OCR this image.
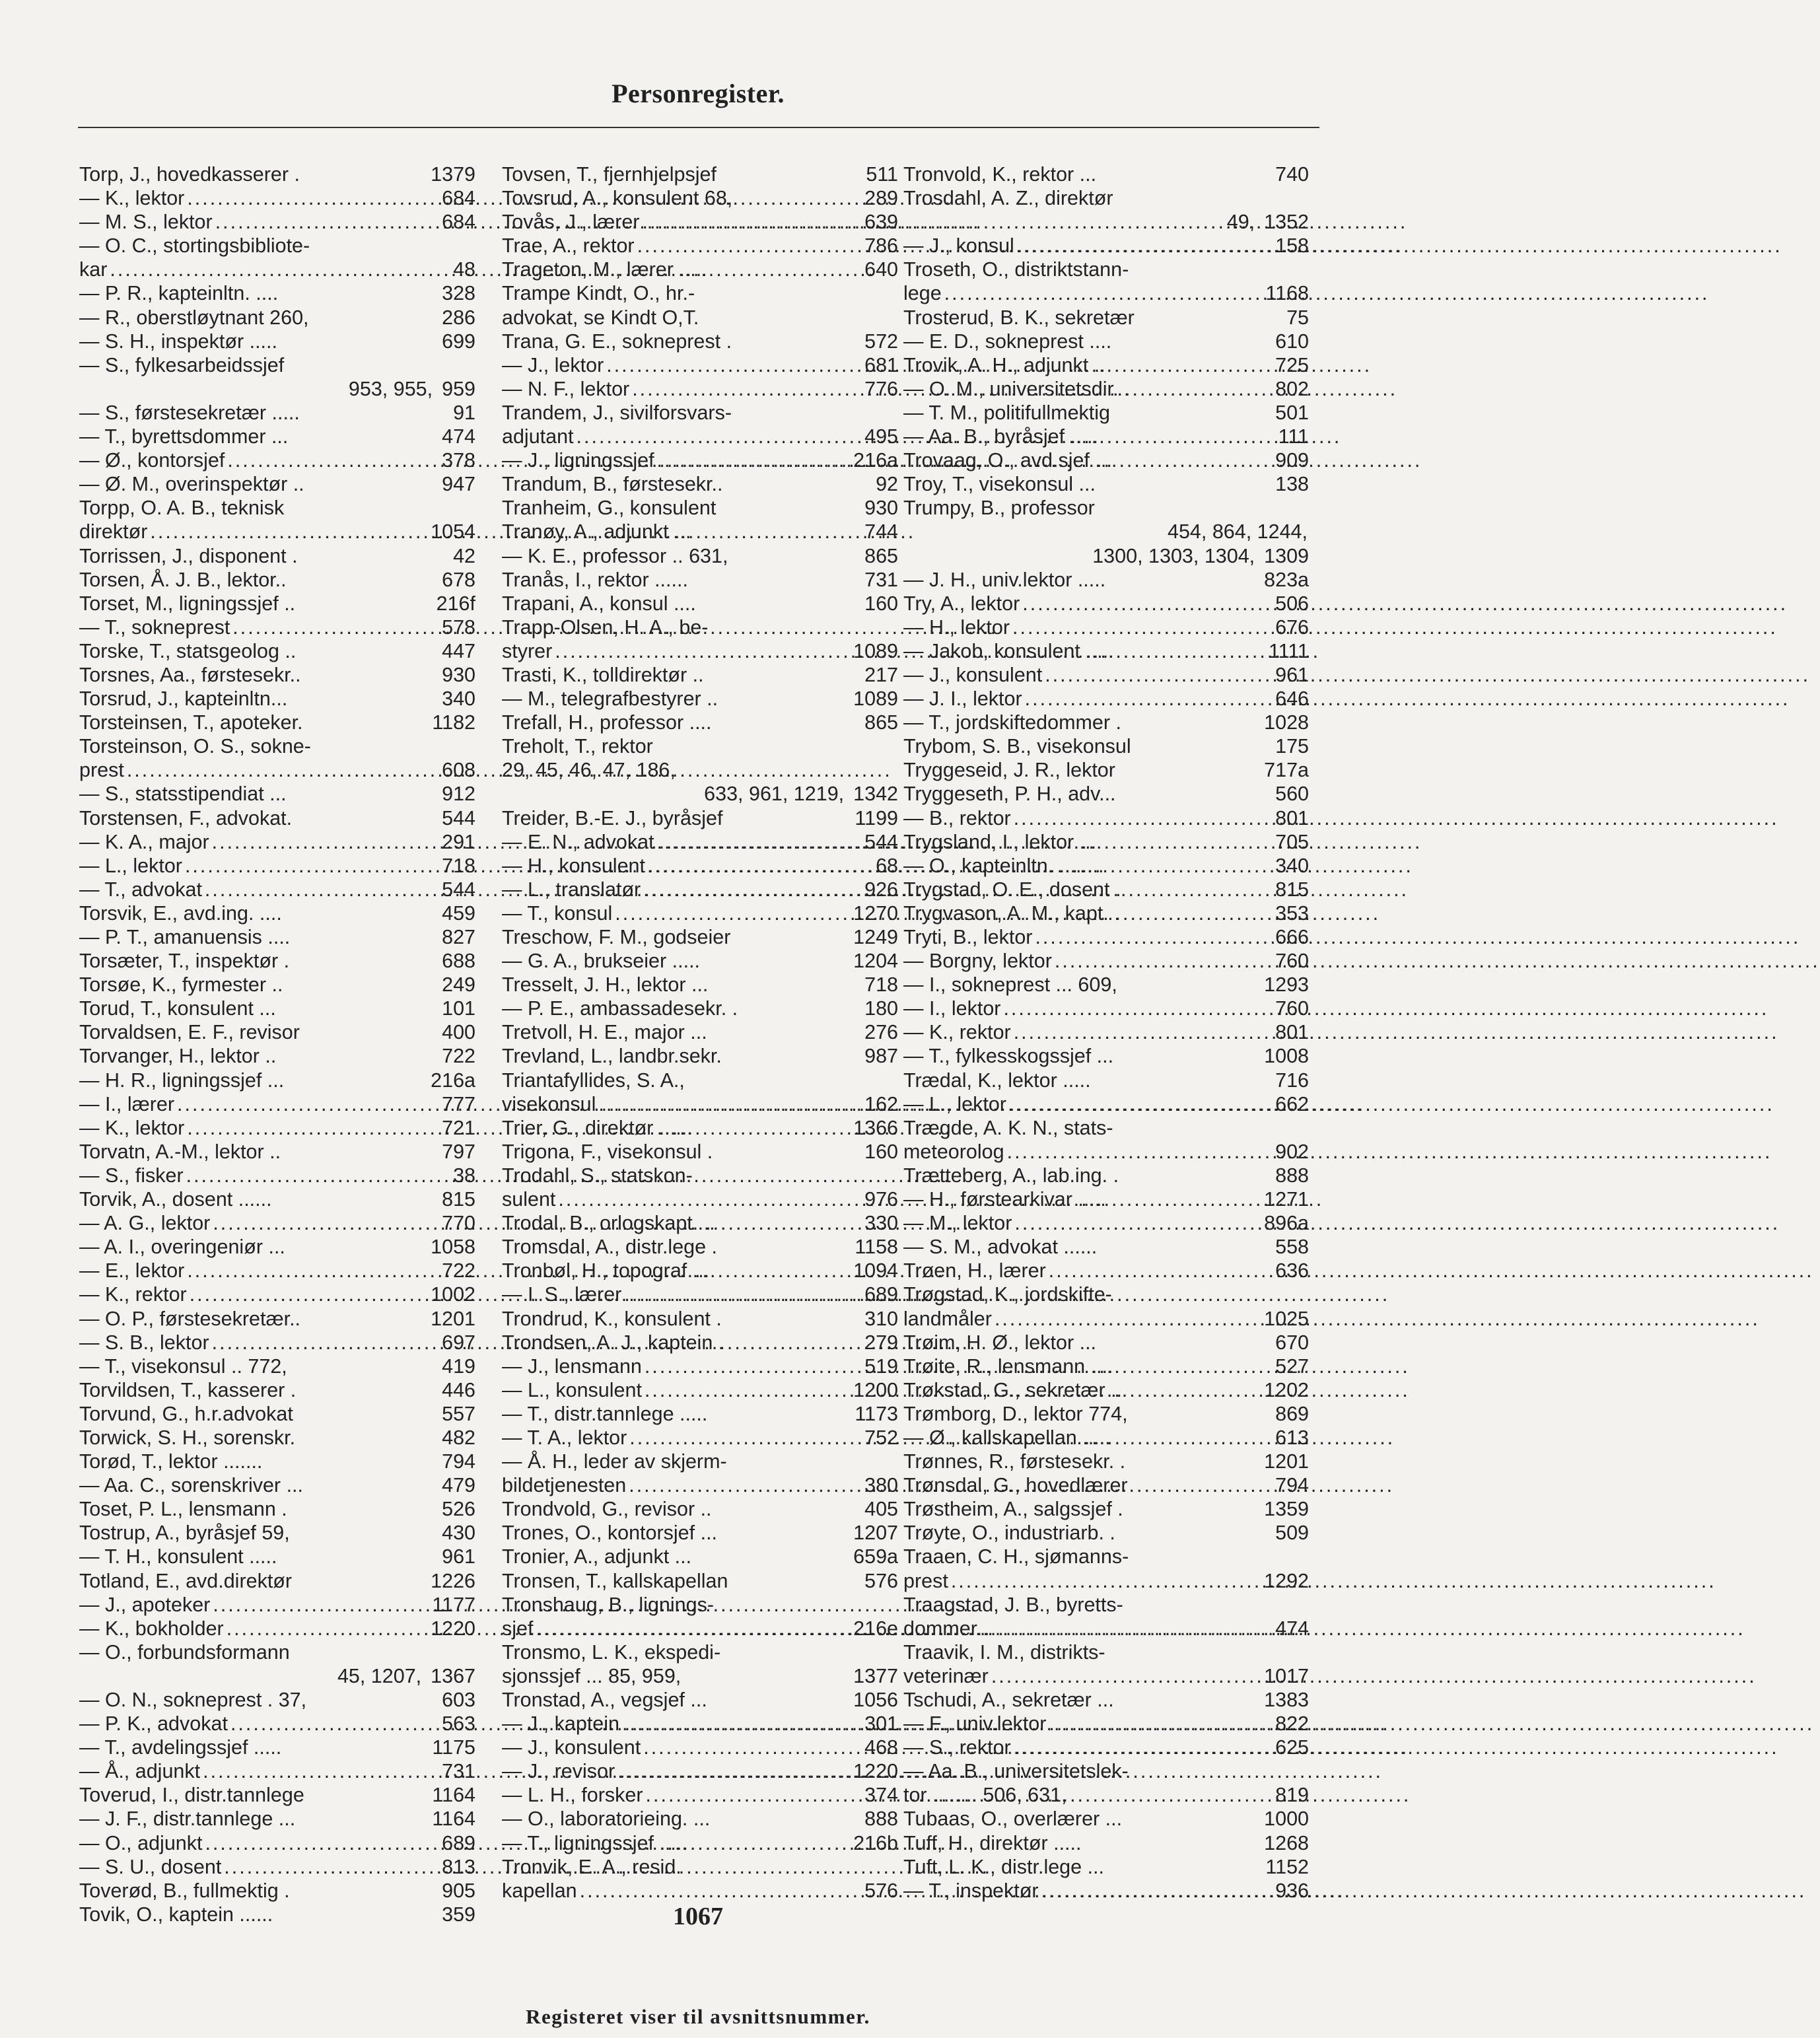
Personregister.
Torp, J., hovedkasserer .	1379
— K., lektor .....	684
— M. S., lektor .....	684
— O. C., stortingsbibliote-
kar .....	48
— P. R., kapteinltn. ....	328
— R., oberstløytnant 260,	286
— S. H., inspektør .....	699
— S., fylkesarbeidssjef
953, 955, 959
— S., førstesekretær .....	91
— T., byrettsdommer ...	474
— Ø., kontorsjef .....	378
— Ø. M., overinspektør ..	947
Torpp, O. A. B., teknisk
direktør .....	1054
Torrissen, J., disponent .	42
Torsen, Å. J. B., lektor..	678
Torset, M., ligningssjef ..	216f
— T., sokneprest .....	578
Torske, T., statsgeolog ..	447
Torsnes, Aa., førstesekr..	930
Torsrud, J., kapteinltn...	340
Torsteinsen, T., apoteker.	1182
Torsteinson, O. S., sokne-
prest .....	608
— S., statsstipendiat ...	912
Torstensen, F., advokat.	544
— K. A., major .....	291
— L., lektor .....	718
— T., advokat .....	544
Torsvik, E., avd.ing. ....	459
— P. T., amanuensis ....	827
Torsæter, T., inspektør .	688
Torsøe, K., fyrmester ..	249
Torud, T., konsulent ...	101
Torvaldsen, E. F., revisor	400
Torvanger, H., lektor ..	722
— H. R., ligningssjef ...	216a
— I., lærer .....	777
— K., lektor .....	721
Torvatn, A.-M., lektor ..	797
— S., fisker .....	38
Torvik, A., dosent ......	815
— A. G., lektor .....	770
— A. I., overingeniør ...	1058
— E., lektor .....	722
— K., rektor .....	1002
— O. P., førstesekretær..	1201
— S. B., lektor .....	697
— T., visekonsul .. 772,	419
Torvildsen, T., kasserer .	446
Torvund, G., h.r.advokat	557
Torwick, S. H., sorenskr.	482
Torød, T., lektor .......	794
— Aa. C., sorenskriver ...	479
Toset, P. L., lensmann .	526
Tostrup, A., byråsjef 59,	430
— T. H., konsulent .....	961
Totland, E., avd.direktør	1226
— J., apoteker .....	1177
— K., bokholder .....	1220
— O., forbundsformann
45, 1207, 1367
— O. N., sokneprest . 37,	603
— P. K., advokat .....	563
— T., avdelingssjef .....	1175
— Å., adjunkt .....	731
Toverud, I., distr.tannlege	1164
— J. F., distr.tannlege ...	1164
— O., adjunkt .....	689
— S. U., dosent .....	813
Toverød, B., fullmektig .	905
Tovik, O., kaptein ......	359
Tovsen, T., fjernhjelpsjef	511
Tovsrud, A., konsulent 68,	289
Tovås, J., lærer .....	639
Trae, A., rektor .....	786
Trageton, M., lærer .....	640
Trampe Kindt, O., hr.-
advokat, se Kindt O,T.
Trana, G. E., sokneprest .	572
— J., lektor .....	681
— N. F., lektor .....	776
Trandem, J., sivilforsvars-
adjutant .....	495
— J., ligningssjef .....	216a
Trandum, B., førstesekr..	92
Tranheim, G., konsulent	930
Tranøy, A., adjunkt ...	744
— K. E., professor .. 631,	865
Tranås, I., rektor ......	731
Trapani, A., konsul ....	160
Trapp-Olsen, H. A., be-
styrer .....	1089
Trasti, K., tolldirektør ..	217
— M., telegrafbestyrer ..	1089
Trefall, H., professor ....	865
Treholt, T., rektor
29, 45, 46, 47, 186,
633, 961, 1219, 1342
Treider, B.-E. J., byråsjef	1199
— E. N., advokat .....	544
— H., konsulent .....	68
— L., translatør .....	926
— T., konsul .....	1270
Treschow, F. M., godseier	1249
— G. A., brukseier .....	1204
Tresselt, J. H., lektor ...	718
— P. E., ambassadesekr. .	180
Tretvoll, H. E., major ...	276
Trevland, L., landbr.sekr.	987
Triantafyllides, S. A.,
visekonsul .....	162
Trier, G., direktør ......	1366
Trigona, F., visekonsul .	160
Trodahl, S., statskon-
sulent .....	976
Trodal, B., orlogskapt. ..	330
Tromsdal, A., distr.lege .	1158
Tronbøl, H., topograf ...	1094
— I. S., lærer .....	689
Trondrud, K., konsulent .	310
Trondsen, A. J., kaptein .	279
— J., lensmann .....	519
— L., konsulent .....	1200
— T., distr.tannlege .....	1173
— T. A., lektor .....	752
— Å. H., leder av skjerm-
bildetjenesten .....	380
Trondvold, G., revisor ..	405
Trones, O., kontorsjef ...	1207
Tronier, A., adjunkt ...	659a
Tronsen, T., kallskapellan	576
Tronshaug, B., lignings-
sjef .....	216e
Tronsmo, L. K., ekspedi-
sjonssjef ... 85, 959,	1377
Tronstad, A., vegsjef ...	1056
— J., kaptein .....	301
— J., konsulent .....	468
— J., revisor .....	1220
— L. H., forsker .....	374
— O., laboratorieing. ...	888
— T., ligningssjef .....	216b
Tronvik, E. A., resid.
kapellan .....	576
Tronvold, K., rektor ...	740
Trosdahl, A. Z., direktør
49, 1352
— J., konsul .....	158
Troseth, O., distriktstann-
lege .....	1168
Trosterud, B. K., sekretær	75
— E. D., sokneprest ....	610
Trovik, A. H., adjunkt ..	725
— O. M., universitetsdir. .	802
— T. M., politifullmektig	501
— Aa. B., byråsjef .....	111
Trovaag, O., avd.sjef ...	909
Troy, T., visekonsul ...	138
Trumpy, B., professor
454, 864, 1244,
1300, 1303, 1304, 1309
— J. H., univ.lektor .....	823a
Try, A., lektor .....	506
— H., lektor .....	676
— Jakob, konsulent .....	1111
— J., konsulent .....	961
— J. I., lektor .....	646
— T., jordskiftedommer .	1028
Trybom, S. B., visekonsul	175
Tryggeseid, J. R., lektor	717a
Tryggeseth, P. H., adv...	560
— B., rektor .....	801
Trygsland, I., lektor ...	705
— O., kapteinltn. ........	340
Trygstad, O. E., dosent .	815
Trygvason, A. M., kapt. .	353
Tryti, B., lektor .....	666
— Borgny, lektor .....	760
— I., sokneprest ... 609,	1293
— I., lektor .....	760
— K., rektor .....	801
— T., fylkesskogssjef ...	1008
Trædal, K., lektor .....	716
— L., lektor .....	662
Trægde, A. K. N., stats-
meteorolog .....	902
Trætteberg, A., lab.ing. .	888
— H., førstearkivar .....	1271
— M., lektor .....	896a
— S. M., advokat ......	558
Trøen, H., lærer .....	636
Trøgstad, K., jordskifte-
landmåler .....	1025
Trøim, H. Ø., lektor ...	670
Trøite, R., lensmann ....	527
Trøkstad, G., sekretær ..	1202
Trømborg, D., lektor 774,	869
— Ø., kallskapellan .....	613
Trønnes, R., førstesekr. .	1201
Trønsdal, G., hovedlærer	794
Trøstheim, A., salgssjef .	1359
Trøyte, O., industriarb. .	509
Traaen, C. H., sjømanns-
prest .....	1292
Traagstad, J. B., byretts-
dommer .....	474
Traavik, I. M., distrikts-
veterinær .....	1017
Tschudi, A., sekretær ...	1383
— F., univ.lektor .....	822
— S., rektor .....	625
— Aa. B., universitetslek-
tor ........ 506, 631,	819
Tubaas, O., overlærer ...	1000
Tuff, H., direktør .....	1268
Tuft, L. K., distr.lege ...	1152
— T., inspektør .....	936
1067
Registeret viser til avsnittsnummer.
